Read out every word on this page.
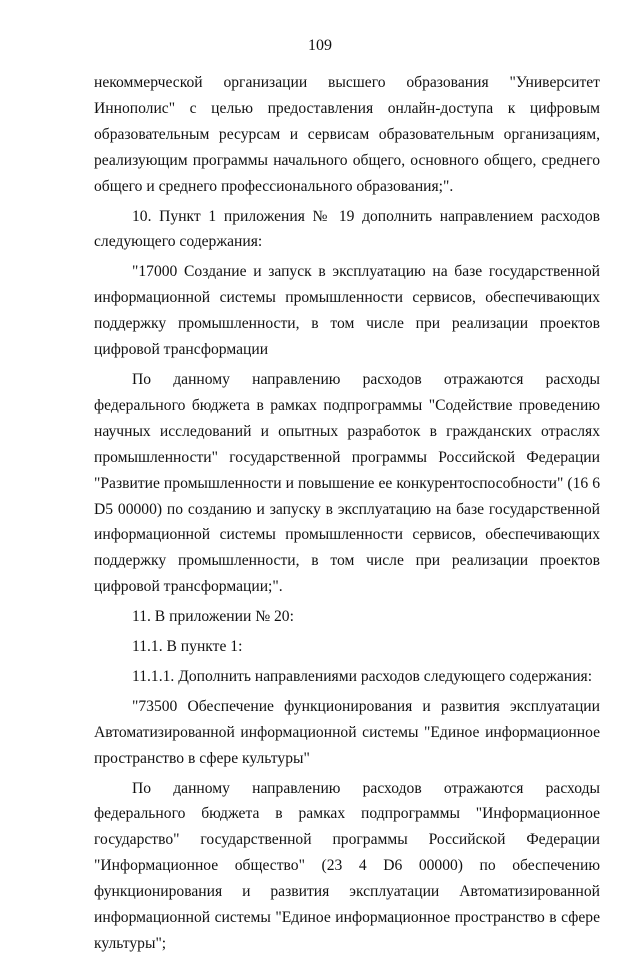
109

некоммерческой организации высшего образования "Университет Иннополис" с целью предоставления онлайн-доступа к цифровым образовательным ресурсам и сервисам образовательным организациям, реализующим программы начального общего, основного общего, среднего общего и среднего профессионального образования;".

10. Пункт 1 приложения № 19 дополнить направлением расходов следующего содержания:

"17000 Создание и запуск в эксплуатацию на базе государственной информационной системы промышленности сервисов, обеспечивающих поддержку промышленности, в том числе при реализации проектов цифровой трансформации

По данному направлению расходов отражаются расходы федерального бюджета в рамках подпрограммы "Содействие проведению научных исследований и опытных разработок в гражданских отраслях промышленности" государственной программы Российской Федерации "Развитие промышленности и повышение ее конкурентоспособности" (16 6 D5 00000) по созданию и запуску в эксплуатацию на базе государственной информационной системы промышленности сервисов, обеспечивающих поддержку промышленности, в том числе при реализации проектов цифровой трансформации;".

11. В приложении № 20:

11.1. В пункте 1:

11.1.1. Дополнить направлениями расходов следующего содержания:

"73500 Обеспечение функционирования и развития эксплуатации Автоматизированной информационной системы "Единое информационное пространство в сфере культуры"

По данному направлению расходов отражаются расходы федерального бюджета в рамках подпрограммы "Информационное государство" государственной программы Российской Федерации "Информационное общество" (23 4 D6 00000) по обеспечению функционирования и развития эксплуатации Автоматизированной информационной системы "Единое информационное пространство в сфере культуры";
